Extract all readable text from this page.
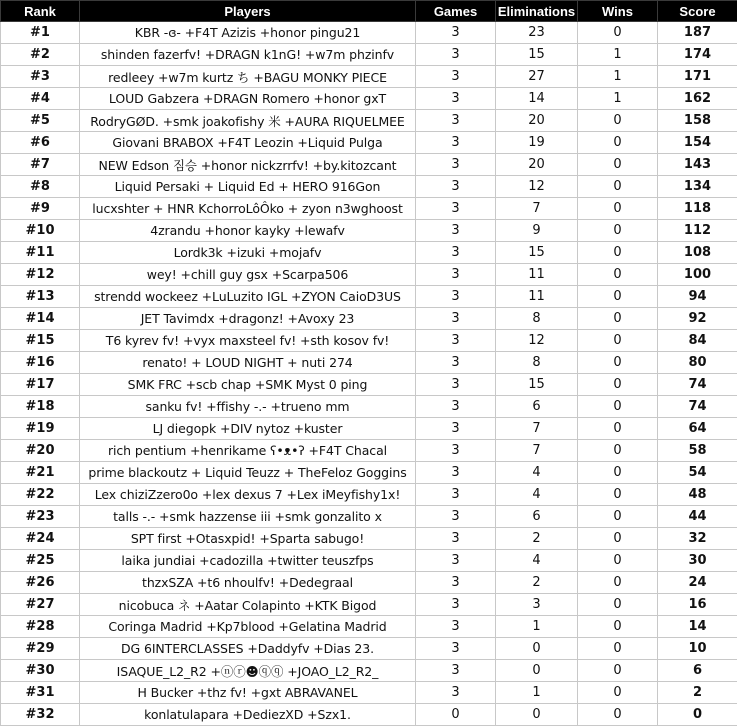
Rank	Players	Games	Eliminations	Wins	Score
#1	KBR -ɞ- +F4T Azizis +honor pingu21	3	23	0	187
#2	shinden fazerfv! +DRAGN k1nG! +w7m phzinfv	3	15	1	174
#3	redleey +w7m kurtz ち +BAGU MONKY PIECE	3	27	1	171
#4	LOUD Gabzera +DRAGN Romero +honor gxT	3	14	1	162
#5	RodryGØD. +smk joakofishy 米 +AURA RIQUELMEE	3	20	0	158
#6	Giovani BRABOX +F4T Leozin +Liquid Pulga	3	19	0	154
#7	NEW Edson 짐승 +honor nickzrrfv! +by.kitozcant	3	20	0	143
#8	Liquid Persaki + Liquid Ed + HERO 916Gon	3	12	0	134
#9	lucxshter + HNR KchorroLôÔko + zyon n3wghoost	3	7	0	118
#10	4zrandu +honor kayky +lewafv	3	9	0	112
#11	Lordk3k +izuki +mojafv	3	15	0	108
#12	wey! +chill guy gsx +Scarpa506	3	11	0	100
#13	strendd wockeez +LuLuzito IGL +ZYON CaioD3US	3	11	0	94
#14	JET Tavimdx +dragonz! +Avoxy 23	3	8	0	92
#15	T6 kyrev fv! +vyx maxsteel fv! +sth kosov fv!	3	12	0	84
#16	renato! + LOUD NIGHT + nuti 274	3	8	0	80
#17	SMK FRC +scb chap +SMK Myst 0 ping	3	15	0	74
#18	sanku fv! +ffishy -.- +trueno mm	3	6	0	74
#19	LJ diegopk +DIV nytoz +kuster	3	7	0	64
#20	rich pentium +henrikame ʕ•ᴥ•ʔ +F4T Chacal	3	7	0	58
#21	prime blackoutz + Liquid Teuzz + TheFeloz Goggins	3	4	0	54
#22	Lex chiziZzero0o +lex dexus 7 +Lex iMeyfishy1x!	3	4	0	48
#23	talls -.- +smk hazzense iii +smk gonzalito x	3	6	0	44
#24	SPT first +Otasxpid! +Sparta sabugo!	3	2	0	32
#25	laika jundiai +cadozilla +twitter teuszfps	3	4	0	30
#26	thzxSZA +t6 nhoulfv! +Dedegraal	3	2	0	24
#27	nicobuca ネ +Aatar Colapinto +KTK Bigod	3	3	0	16
#28	Coringa Madrid +Kp7blood +Gelatina Madrid	3	1	0	14
#29	DG 6INTERCLASSES +Daddyfv +Dias 23.	3	0	0	10
#30	ISAQUE_L2_R2 +ⓝⓡ☻ⓠⓠ +JOAO_L2_R2_	3	0	0	6
#31	H Bucker +thz fv! +gxt ABRAVANEL	3	1	0	2
#32	konlatulapara +DediezXD +Szx1.	0	0	0	0
